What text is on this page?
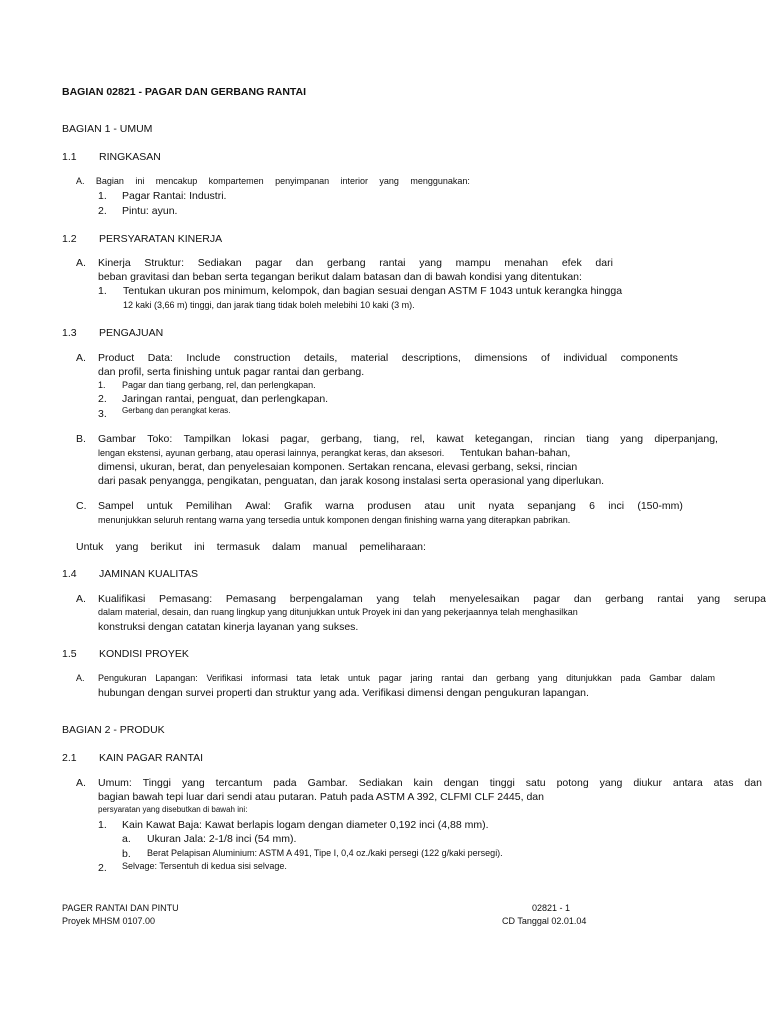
BAGIAN 02821 - PAGAR DAN GERBANG RANTAI
BAGIAN 1 - UMUM
1.1 RINGKASAN
A. Bagian ini mencakup kompartemen penyimpanan interior yang menggunakan:
1. Pagar Rantai: Industri.
2. Pintu: ayun.
1.2 PERSYARATAN KINERJA
A. Kinerja Struktur: Sediakan pagar dan gerbang rantai yang mampu menahan efek dari
beban gravitasi dan beban serta tegangan berikut dalam batasan dan di bawah kondisi yang ditentukan:
1. Tentukan ukuran pos minimum, kelompok, dan bagian sesuai dengan ASTM F 1043 untuk kerangka hingga
12 kaki (3,66 m) tinggi, dan jarak tiang tidak boleh melebihi 10 kaki (3 m).
1.3 PENGAJUAN
A. Product Data: Include construction details, material descriptions, dimensions of individual components
dan profil, serta finishing untuk pagar rantai dan gerbang.
1. Pagar dan tiang gerbang, rel, dan perlengkapan.
2. Jaringan rantai, penguat, dan perlengkapan.
3. Gerbang dan perangkat keras.
B. Gambar Toko: Tampilkan lokasi pagar, gerbang, tiang, rel, kawat ketegangan, rincian tiang yang diperpanjang,
lengan ekstensi, ayunan gerbang, atau operasi lainnya, perangkat keras, dan aksesori. Tentukan bahan-bahan,
dimensi, ukuran, berat, dan penyelesaian komponen. Sertakan rencana, elevasi gerbang, seksi, rincian
dari pasak penyangga, pengikatan, penguatan, dan jarak kosong instalasi serta operasional yang diperlukan.
C. Sampel untuk Pemilihan Awal: Grafik warna produsen atau unit nyata sepanjang 6 inci (150-mm)
menunjukkan seluruh rentang warna yang tersedia untuk komponen dengan finishing warna yang diterapkan pabrikan.
Untuk yang berikut ini termasuk dalam manual pemeliharaan:
1.4 JAMINAN KUALITAS
A. Kualifikasi Pemasang: Pemasang berpengalaman yang telah menyelesaikan pagar dan gerbang rantai yang serupa
dalam material, desain, dan ruang lingkup yang ditunjukkan untuk Proyek ini dan yang pekerjaannya telah menghasilkan
konstruksi dengan catatan kinerja layanan yang sukses.
1.5 KONDISI PROYEK
A. Pengukuran Lapangan: Verifikasi informasi tata letak untuk pagar jaring rantai dan gerbang yang ditunjukkan pada Gambar dalam
hubungan dengan survei properti dan struktur yang ada. Verifikasi dimensi dengan pengukuran lapangan.
BAGIAN 2 - PRODUK
2.1 KAIN PAGAR RANTAI
A. Umum: Tinggi yang tercantum pada Gambar. Sediakan kain dengan tinggi satu potong yang diukur antara atas dan
bagian bawah tepi luar dari sendi atau putaran. Patuh pada ASTM A 392, CLFMI CLF 2445, dan
persyaratan yang disebutkan di bawah ini:
1. Kain Kawat Baja: Kawat berlapis logam dengan diameter 0,192 inci (4,88 mm).
a. Ukuran Jala: 2-1/8 inci (54 mm).
b. Berat Pelapisan Aluminium: ASTM A 491, Tipe I, 0,4 oz./kaki persegi (122 g/kaki persegi).
2. Selvage: Tersentuh di kedua sisi selvage.
PAGER RANTAI DAN PINTU
Proyek MHSM 0107.00
02821 - 1
CD Tanggal 02.01.04
